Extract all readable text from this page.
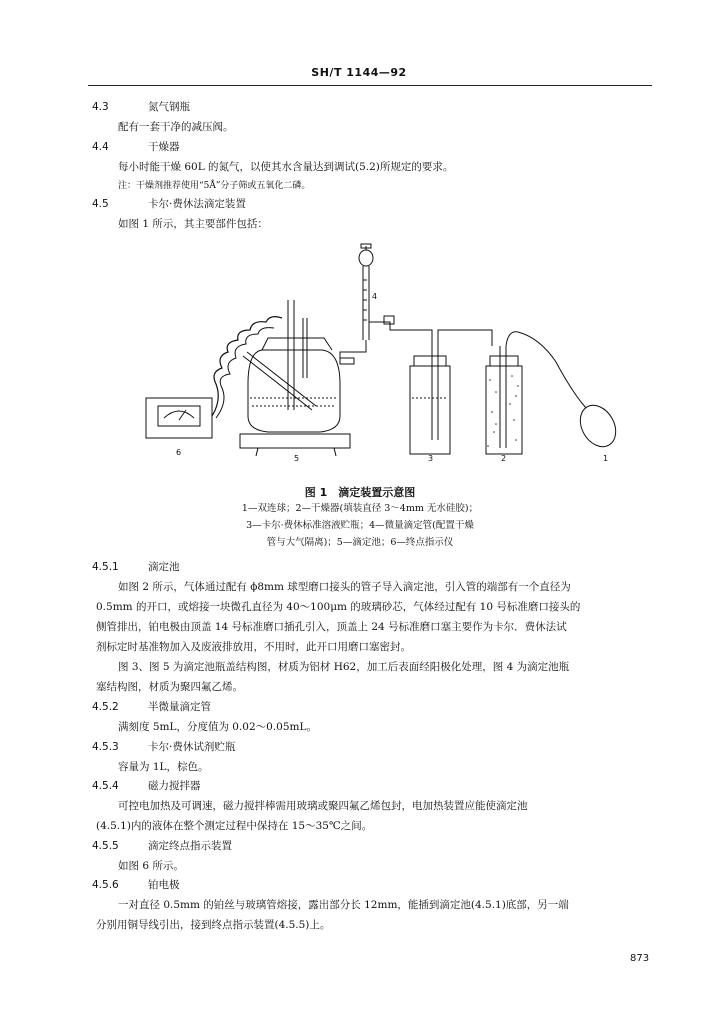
SH/T 1144—92
4.3	氮气钢瓶
配有一套干净的减压阀。
4.4	干燥器
每小时能干燥 60L 的氮气，以使其水含量达到调试(5.2)所规定的要求。
注：干燥剂推荐使用“5Å”分子筛或五氧化二磷。
4.5	卡尔·费休法滴定装置
如图 1 所示，其主要部件包括：
1
2
3
4
5
6
图 1　滴定装置示意图
1—双连球；2—干燥器(填装直径 3～4mm 无水硅胶)；
3—卡尔·费休标准溶液贮瓶；4—微量滴定管(配置干燥
管与大气隔离)；5—滴定池；6—终点指示仪
4.5.1	滴定池
如图 2 所示，气体通过配有 ϕ8mm 球型磨口接头的管子导入滴定池，引入管的端部有一个直径为
0.5mm 的开口，或熔接一块微孔直径为 40～100μm 的玻璃砂芯，气体经过配有 10 号标准磨口接头的
侧管排出，铂电极由顶盖 14 号标准磨口插孔引入，顶盖上 24 号标准磨口塞主要作为卡尔．费休法试
剂标定时基准物加入及废液排放用，不用时，此开口用磨口塞密封。
图 3、图 5 为滴定池瓶盖结构图，材质为铝材 H62，加工后表面经阳极化处理，图 4 为滴定池瓶
塞结构图，材质为聚四氟乙烯。
4.5.2	半微量滴定管
满刻度 5mL，分度值为 0.02～0.05mL。
4.5.3	卡尔·费休试剂贮瓶
容量为 1L，棕色。
4.5.4	磁力搅拌器
可控电加热及可调速，磁力搅拌棒需用玻璃或聚四氟乙烯包封，电加热装置应能使滴定池
(4.5.1)内的液体在整个测定过程中保持在 15～35℃之间。
4.5.5	滴定终点指示装置
如图 6 所示。
4.5.6	铂电极
一对直径 0.5mm 的铂丝与玻璃管熔接，露出部分长 12mm，能插到滴定池(4.5.1)底部，另一端
分别用铜导线引出，接到终点指示装置(4.5.5)上。
873
